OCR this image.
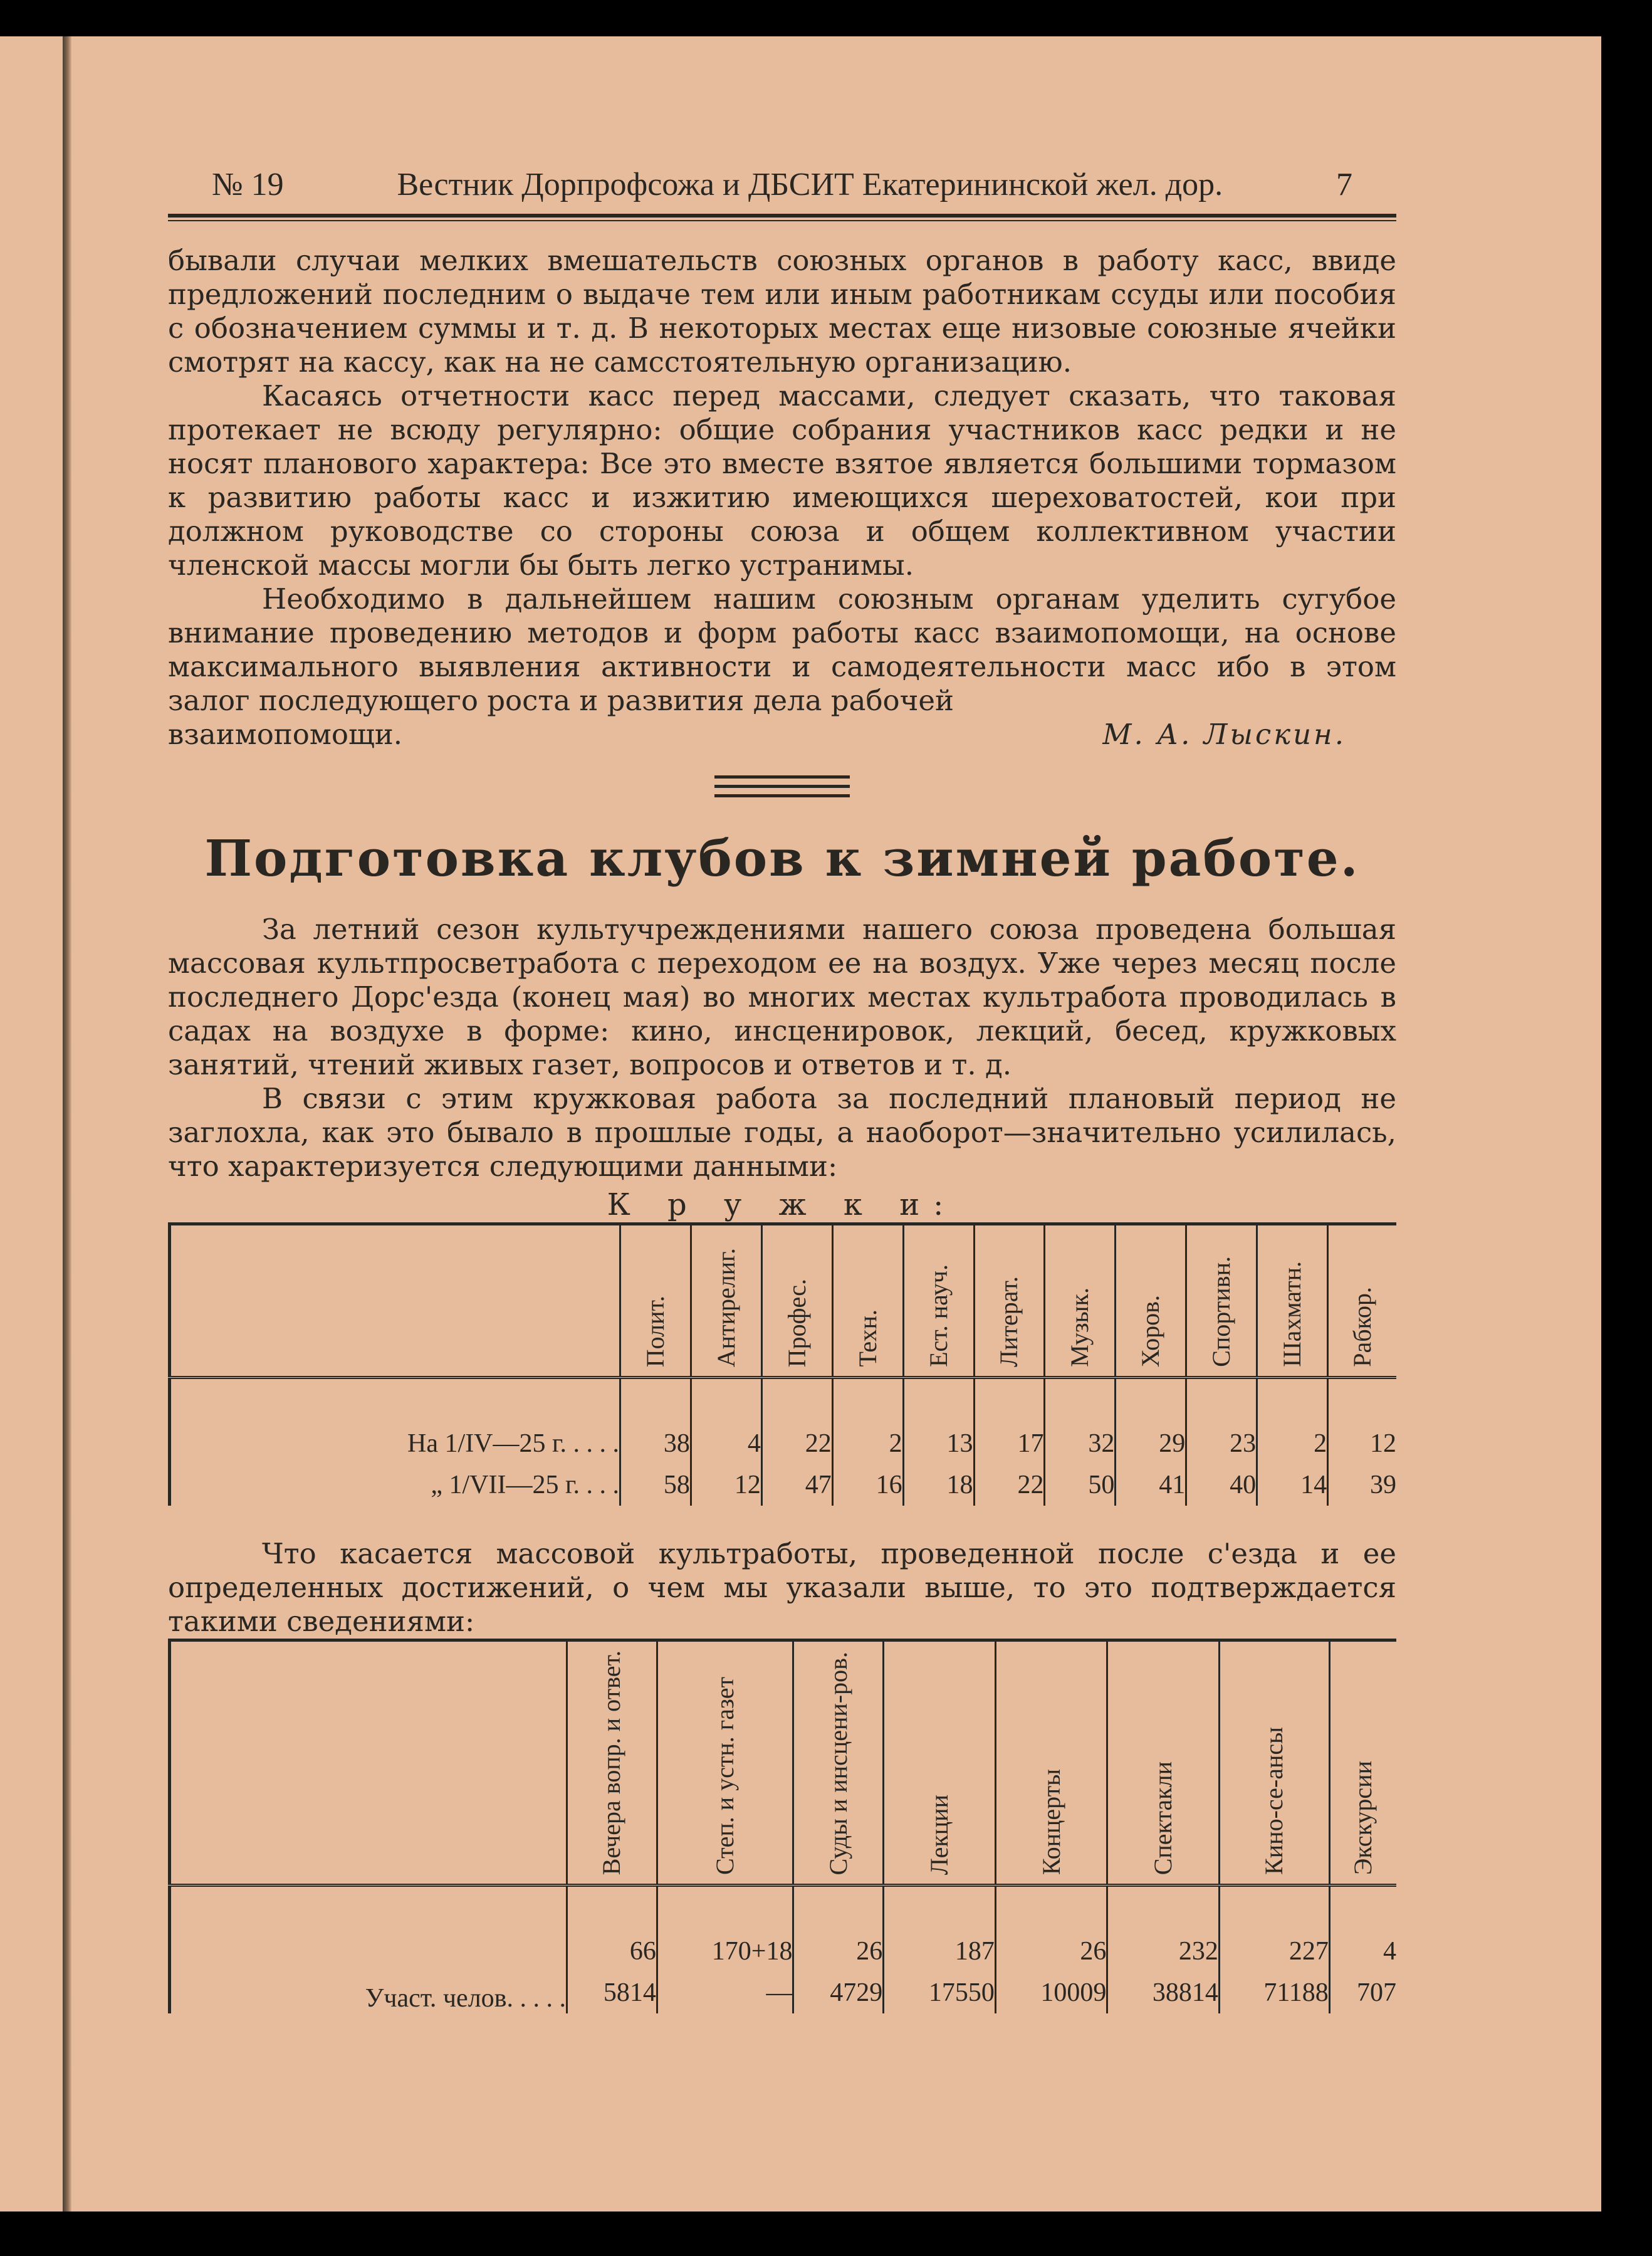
№ 19	Вестник Дорпрофсожа и ДБСИТ Екатерининской жел. дор.	7

бывали случаи мелких вмешательств союзных органов в работу касс, ввиде предложений последним о выдаче тем или иным работникам ссуды или пособия с обозначением суммы и т. д. В некоторых местах еще низовые союзные ячейки смотрят на кассу, как на не самсстоятельную организацию.

Касаясь отчетности касс перед массами, следует сказать, что таковая протекает не всюду регулярно: общие собрания участников касс редки и не носят планового характера: Все это вместе взятое является большими тормазом к развитию работы касс и изжитию имеющихся шереховатостей, кои при должном руководстве со стороны союза и общем коллективном участии членской массы могли бы быть легко устранимы.

Необходимо в дальнейшем нашим союзным органам уделить сугубое внимание проведению методов и форм работы касс взаимопомощи, на основе максимального выявления активности и самодеятельности масс ибо в этом залог последующего роста и развития дела рабочей

взаимопомощи.	М. А. Лыскин.
Подготовка клубов к зимней работе.

За летний сезон культучреждениями нашего союза проведена большая массовая культпросветработа с переходом ее на воздух. Уже через месяц после последнего Дорс'езда (конец мая) во многих местах культработа проводилась в садах на воздухе в форме: кино, инсценировок, лекций, бесед, кружковых занятий, чтений живых газет, вопросов и ответов и т. д.

В связи с этим кружковая работа за последний плановый период не заглохла, как это бывало в прошлые годы, а наоборот—значительно усилилась, что характеризуется следующими данными:

К р у ж к и:

	Полит.	Антирелиг.	Профес.	Техн.	Ест. науч.	Литерат.	Музык.	Хоров.	Спортивн.	Шахматн.	Рабкор.

На 1/IV—25 г. . . . .	38	4	22	2	13	17	32	29	23	2	12
„ 1/VII—25 г. . . .	58	12	47	16	18	22	50	41	40	14	39

Что касается массовой культработы, проведенной после с'езда и ее определенных достижений, о чем мы указали выше, то это подтверждается такими сведениями:

	Вечера вопр. и ответ.	Степ. и устн. газет	Суды и инсцени-ров.	Лекции	Концерты	Спектакли	Кино-се-ансы	Экскурсии

	66	170+18	26	187	26	232	227	4
Участ. челов. . . . .	5814	—	4729	17550	10009	38814	71188	707
